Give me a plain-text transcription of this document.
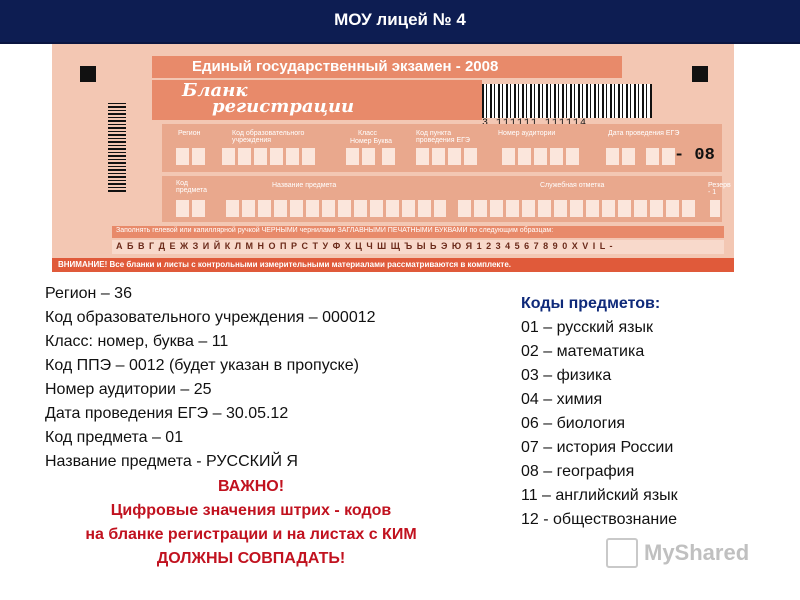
МОУ лицей № 4
Единый государственный экзамен - 2008
Бланк
регистрации
Регион	Код образовательного учреждения
Класс
Номер Буква
Код пункта проведения ЕГЭ
Номер аудитории	Дата проведения ЕГЭ
- 08
Код предмета
Название предмета	Служебная отметка	Резерв - 1
Заполнять гелевой или капиллярной ручкой ЧЕРНЫМИ чернилами ЗАГЛАВНЫМИ ПЕЧАТНЫМИ БУКВАМИ по следующим образцам:
А Б В Г Д Е Ж З И Й К Л М Н О П Р С Т У Ф Х Ц Ч Ш Щ Ъ Ы Ь Э Ю Я 1 2 3 4 5 6 7 8 9 0 X V I L -
ВНИМАНИЕ! Все бланки и листы с контрольными измерительными материалами рассматриваются в комплекте.
Регион – 36
Код образовательного учреждения – 000012
Класс: номер, буква – 11
Код ППЭ – 0012 (будет указан в пропуске)
Номер аудитории – 25
Дата проведения ЕГЭ – 30.05.12
Код предмета – 01
Название предмета - РУССКИЙ Я
ВАЖНО!
Цифровые значения штрих - кодов
на бланке регистрации и на листах с КИМ
ДОЛЖНЫ СОВПАДАТЬ!
Коды предметов:
01 – русский язык
02 – математика
03 – физика
04 – химия
06 – биология
07 – история России
08 – география
11 – английский язык
12 - обществознание
MyShared
